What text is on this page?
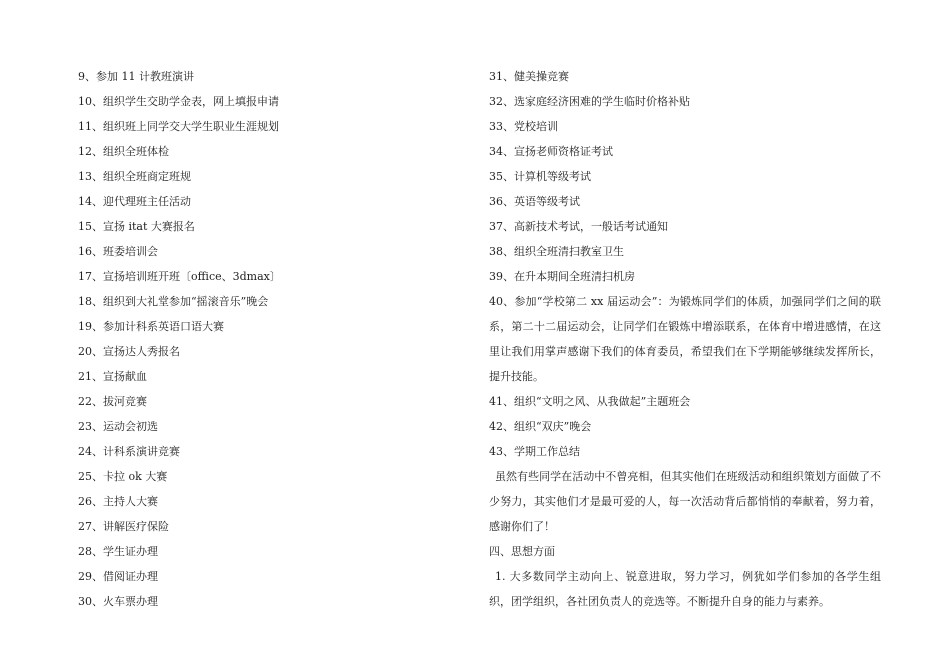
9、参加 11 计教班演讲
10、组织学生交助学金表，网上填报申请
11、组织班上同学交大学生职业生涯规划
12、组织全班体检
13、组织全班商定班规
14、迎代理班主任活动
15、宣扬 itat 大赛报名
16、班委培训会
17、宣扬培训班开班〔office、3dmax〕
18、组织到大礼堂参加“摇滚音乐”晚会
19、参加计科系英语口语大赛
20、宣扬达人秀报名
21、宣扬献血
22、拔河竞赛
23、运动会初选
24、计科系演讲竞赛
25、卡拉 ok 大赛
26、主持人大赛
27、讲解医疗保险
28、学生证办理
29、借阅证办理
30、火车票办理
31、健美操竞赛
32、选家庭经济困难的学生临时价格补贴
33、党校培训
34、宣扬老师资格证考试
35、计算机等级考试
36、英语等级考试
37、高新技术考试，一般话考试通知
38、组织全班清扫教室卫生
39、在升本期间全班清扫机房
40、参加“学校第二 xx 届运动会”：为锻炼同学们的体质，加强同学们之间的联系，第二十二届运动会，让同学们在锻炼中增添联系，在体育中增进感情，在这里让我们用掌声感谢下我们的体育委员，希望我们在下学期能够继续发挥所长，提升技能。
41、组织“文明之风、从我做起”主题班会
42、组织“双庆”晚会
43、学期工作总结
虽然有些同学在活动中不曾亮相，但其实他们在班级活动和组织策划方面做了不少努力，其实他们才是最可爱的人，每一次活动背后都悄悄的奉献着，努力着，感谢你们了！
四、思想方面
1. 大多数同学主动向上、锐意进取，努力学习，例犹如学们参加的各学生组织，团学组织，各社团负责人的竞选等。不断提升自身的能力与素养。
